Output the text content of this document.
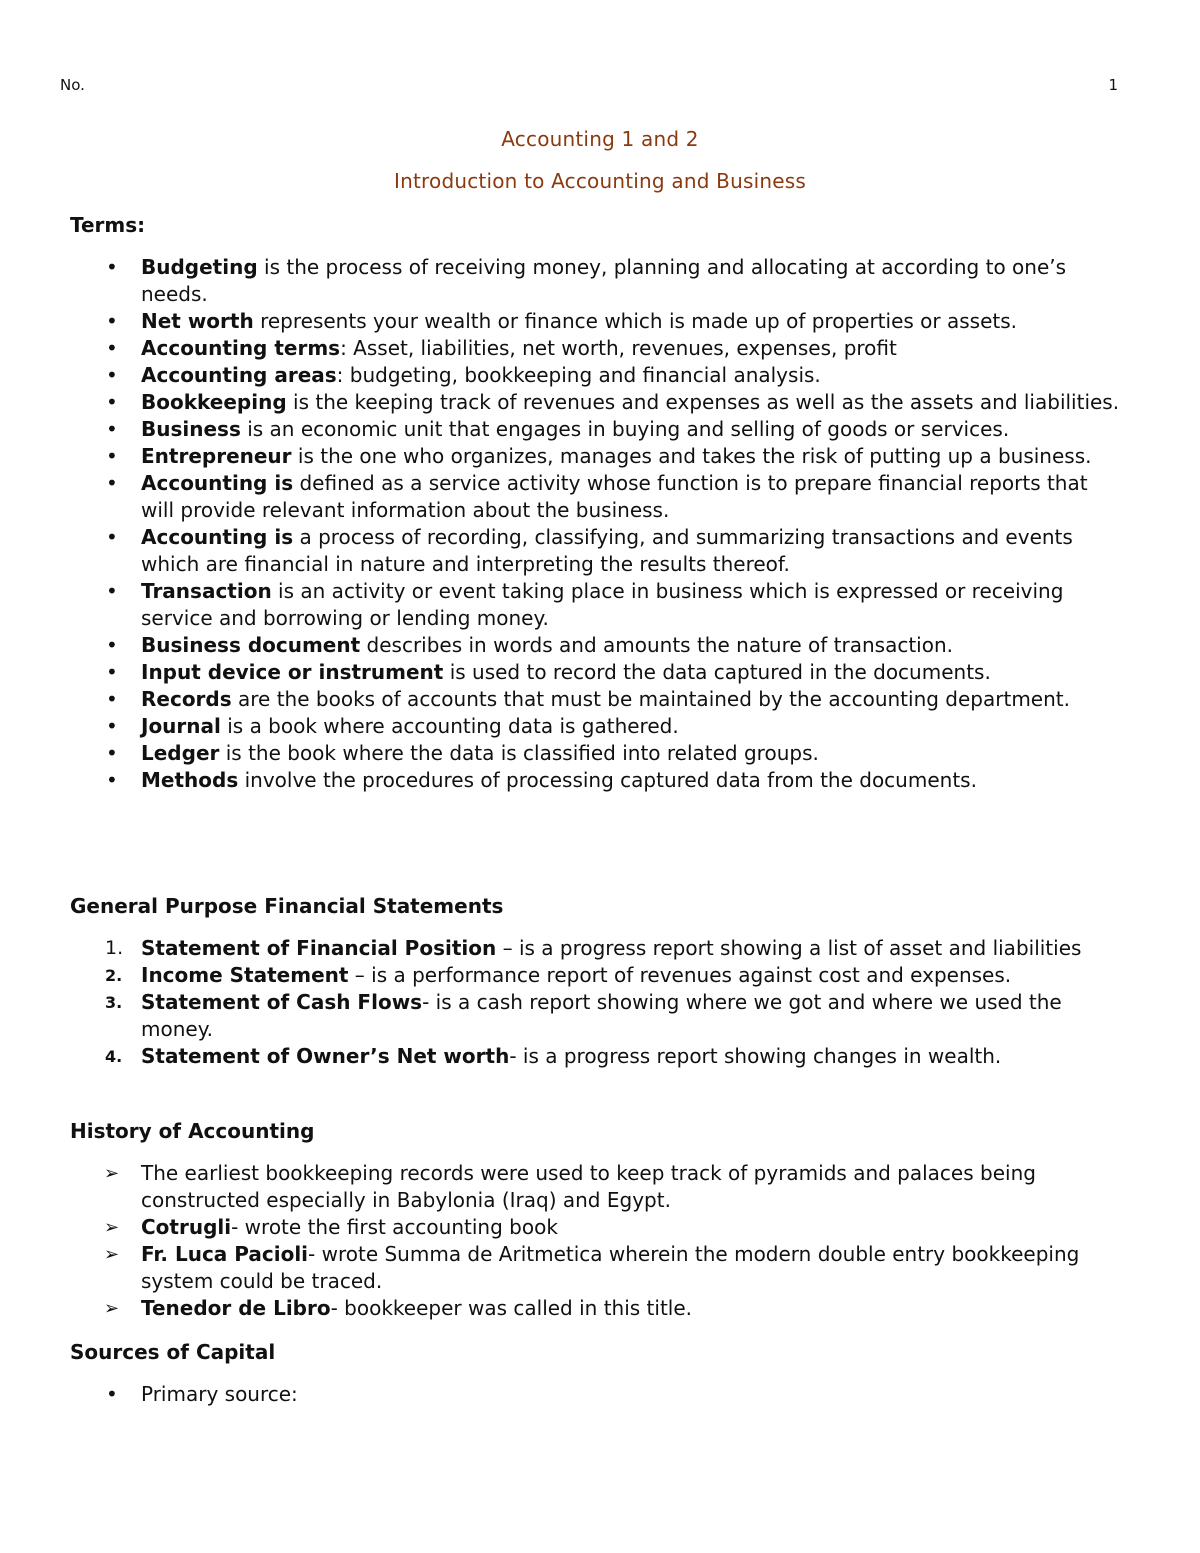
No.	1
Accounting 1 and 2
Introduction to Accounting and Business
Terms:
• Budgeting is the process of receiving money, planning and allocating at according to one’s needs.
• Net worth represents your wealth or finance which is made up of properties or assets.
• Accounting terms: Asset, liabilities, net worth, revenues, expenses, profit
• Accounting areas: budgeting, bookkeeping and financial analysis.
• Bookkeeping is the keeping track of revenues and expenses as well as the assets and liabilities.
• Business is an economic unit that engages in buying and selling of goods or services.
• Entrepreneur is the one who organizes, manages and takes the risk of putting up a business.
• Accounting is defined as a service activity whose function is to prepare financial reports that will provide relevant information about the business.
• Accounting is a process of recording, classifying, and summarizing transactions and events which are financial in nature and interpreting the results thereof.
• Transaction is an activity or event taking place in business which is expressed or receiving service and borrowing or lending money.
• Business document describes in words and amounts the nature of transaction.
• Input device or instrument is used to record the data captured in the documents.
• Records are the books of accounts that must be maintained by the accounting department.
• Journal is a book where accounting data is gathered.
• Ledger is the book where the data is classified into related groups.
• Methods involve the procedures of processing captured data from the documents.
General Purpose Financial Statements
1. Statement of Financial Position – is a progress report showing a list of asset and liabilities
2. Income Statement – is a performance report of revenues against cost and expenses.
3. Statement of Cash Flows- is a cash report showing where we got and where we used the money.
4. Statement of Owner’s Net worth- is a progress report showing changes in wealth.
History of Accounting
➢ The earliest bookkeeping records were used to keep track of pyramids and palaces being constructed especially in Babylonia (Iraq) and Egypt.
➢ Cotrugli- wrote the first accounting book
➢ Fr. Luca Pacioli- wrote Summa de Aritmetica wherein the modern double entry bookkeeping system could be traced.
➢ Tenedor de Libro- bookkeeper was called in this title.
Sources of Capital
• Primary source:
